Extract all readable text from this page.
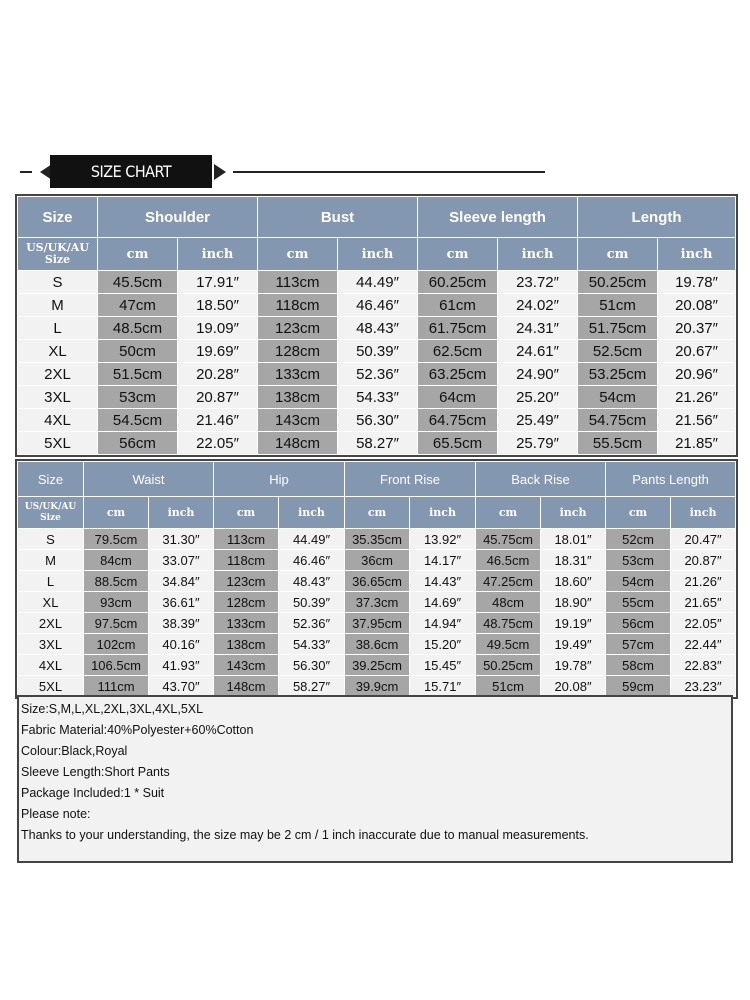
SIZE CHART
Size	Shoulder		Bust		Sleeve length		Length	
US/UK/AU Size	cm	inch	cm	inch	cm	inch	cm	inch
S	45.5cm	17.91″	113cm	44.49″	60.25cm	23.72″	50.25cm	19.78″
M	47cm	18.50″	118cm	46.46″	61cm	24.02″	51cm	20.08″
L	48.5cm	19.09″	123cm	48.43″	61.75cm	24.31″	51.75cm	20.37″
XL	50cm	19.69″	128cm	50.39″	62.5cm	24.61″	52.5cm	20.67″
2XL	51.5cm	20.28″	133cm	52.36″	63.25cm	24.90″	53.25cm	20.96″
3XL	53cm	20.87″	138cm	54.33″	64cm	25.20″	54cm	21.26″
4XL	54.5cm	21.46″	143cm	56.30″	64.75cm	25.49″	54.75cm	21.56″
5XL	56cm	22.05″	148cm	58.27″	65.5cm	25.79″	55.5cm	21.85″
Size	Waist		Hip		Front Rise		Back Rise		Pants Length	
US/UK/AU Size	cm	inch	cm	inch	cm	inch	cm	inch	cm	inch
S	79.5cm	31.30″	113cm	44.49″	35.35cm	13.92″	45.75cm	18.01″	52cm	20.47″
M	84cm	33.07″	118cm	46.46″	36cm	14.17″	46.5cm	18.31″	53cm	20.87″
L	88.5cm	34.84″	123cm	48.43″	36.65cm	14.43″	47.25cm	18.60″	54cm	21.26″
XL	93cm	36.61″	128cm	50.39″	37.3cm	14.69″	48cm	18.90″	55cm	21.65″
2XL	97.5cm	38.39″	133cm	52.36″	37.95cm	14.94″	48.75cm	19.19″	56cm	22.05″
3XL	102cm	40.16″	138cm	54.33″	38.6cm	15.20″	49.5cm	19.49″	57cm	22.44″
4XL	106.5cm	41.93″	143cm	56.30″	39.25cm	15.45″	50.25cm	19.78″	58cm	22.83″
5XL	111cm	43.70″	148cm	58.27″	39.9cm	15.71″	51cm	20.08″	59cm	23.23″
Size:S,M,L,XL,2XL,3XL,4XL,5XL
Fabric Material:40%Polyester+60%Cotton
Colour:Black,Royal
Sleeve Length:Short Pants
Package Included:1 * Suit
Please note:
Thanks to your understanding, the size may be 2 cm / 1 inch inaccurate due to manual measurements.
